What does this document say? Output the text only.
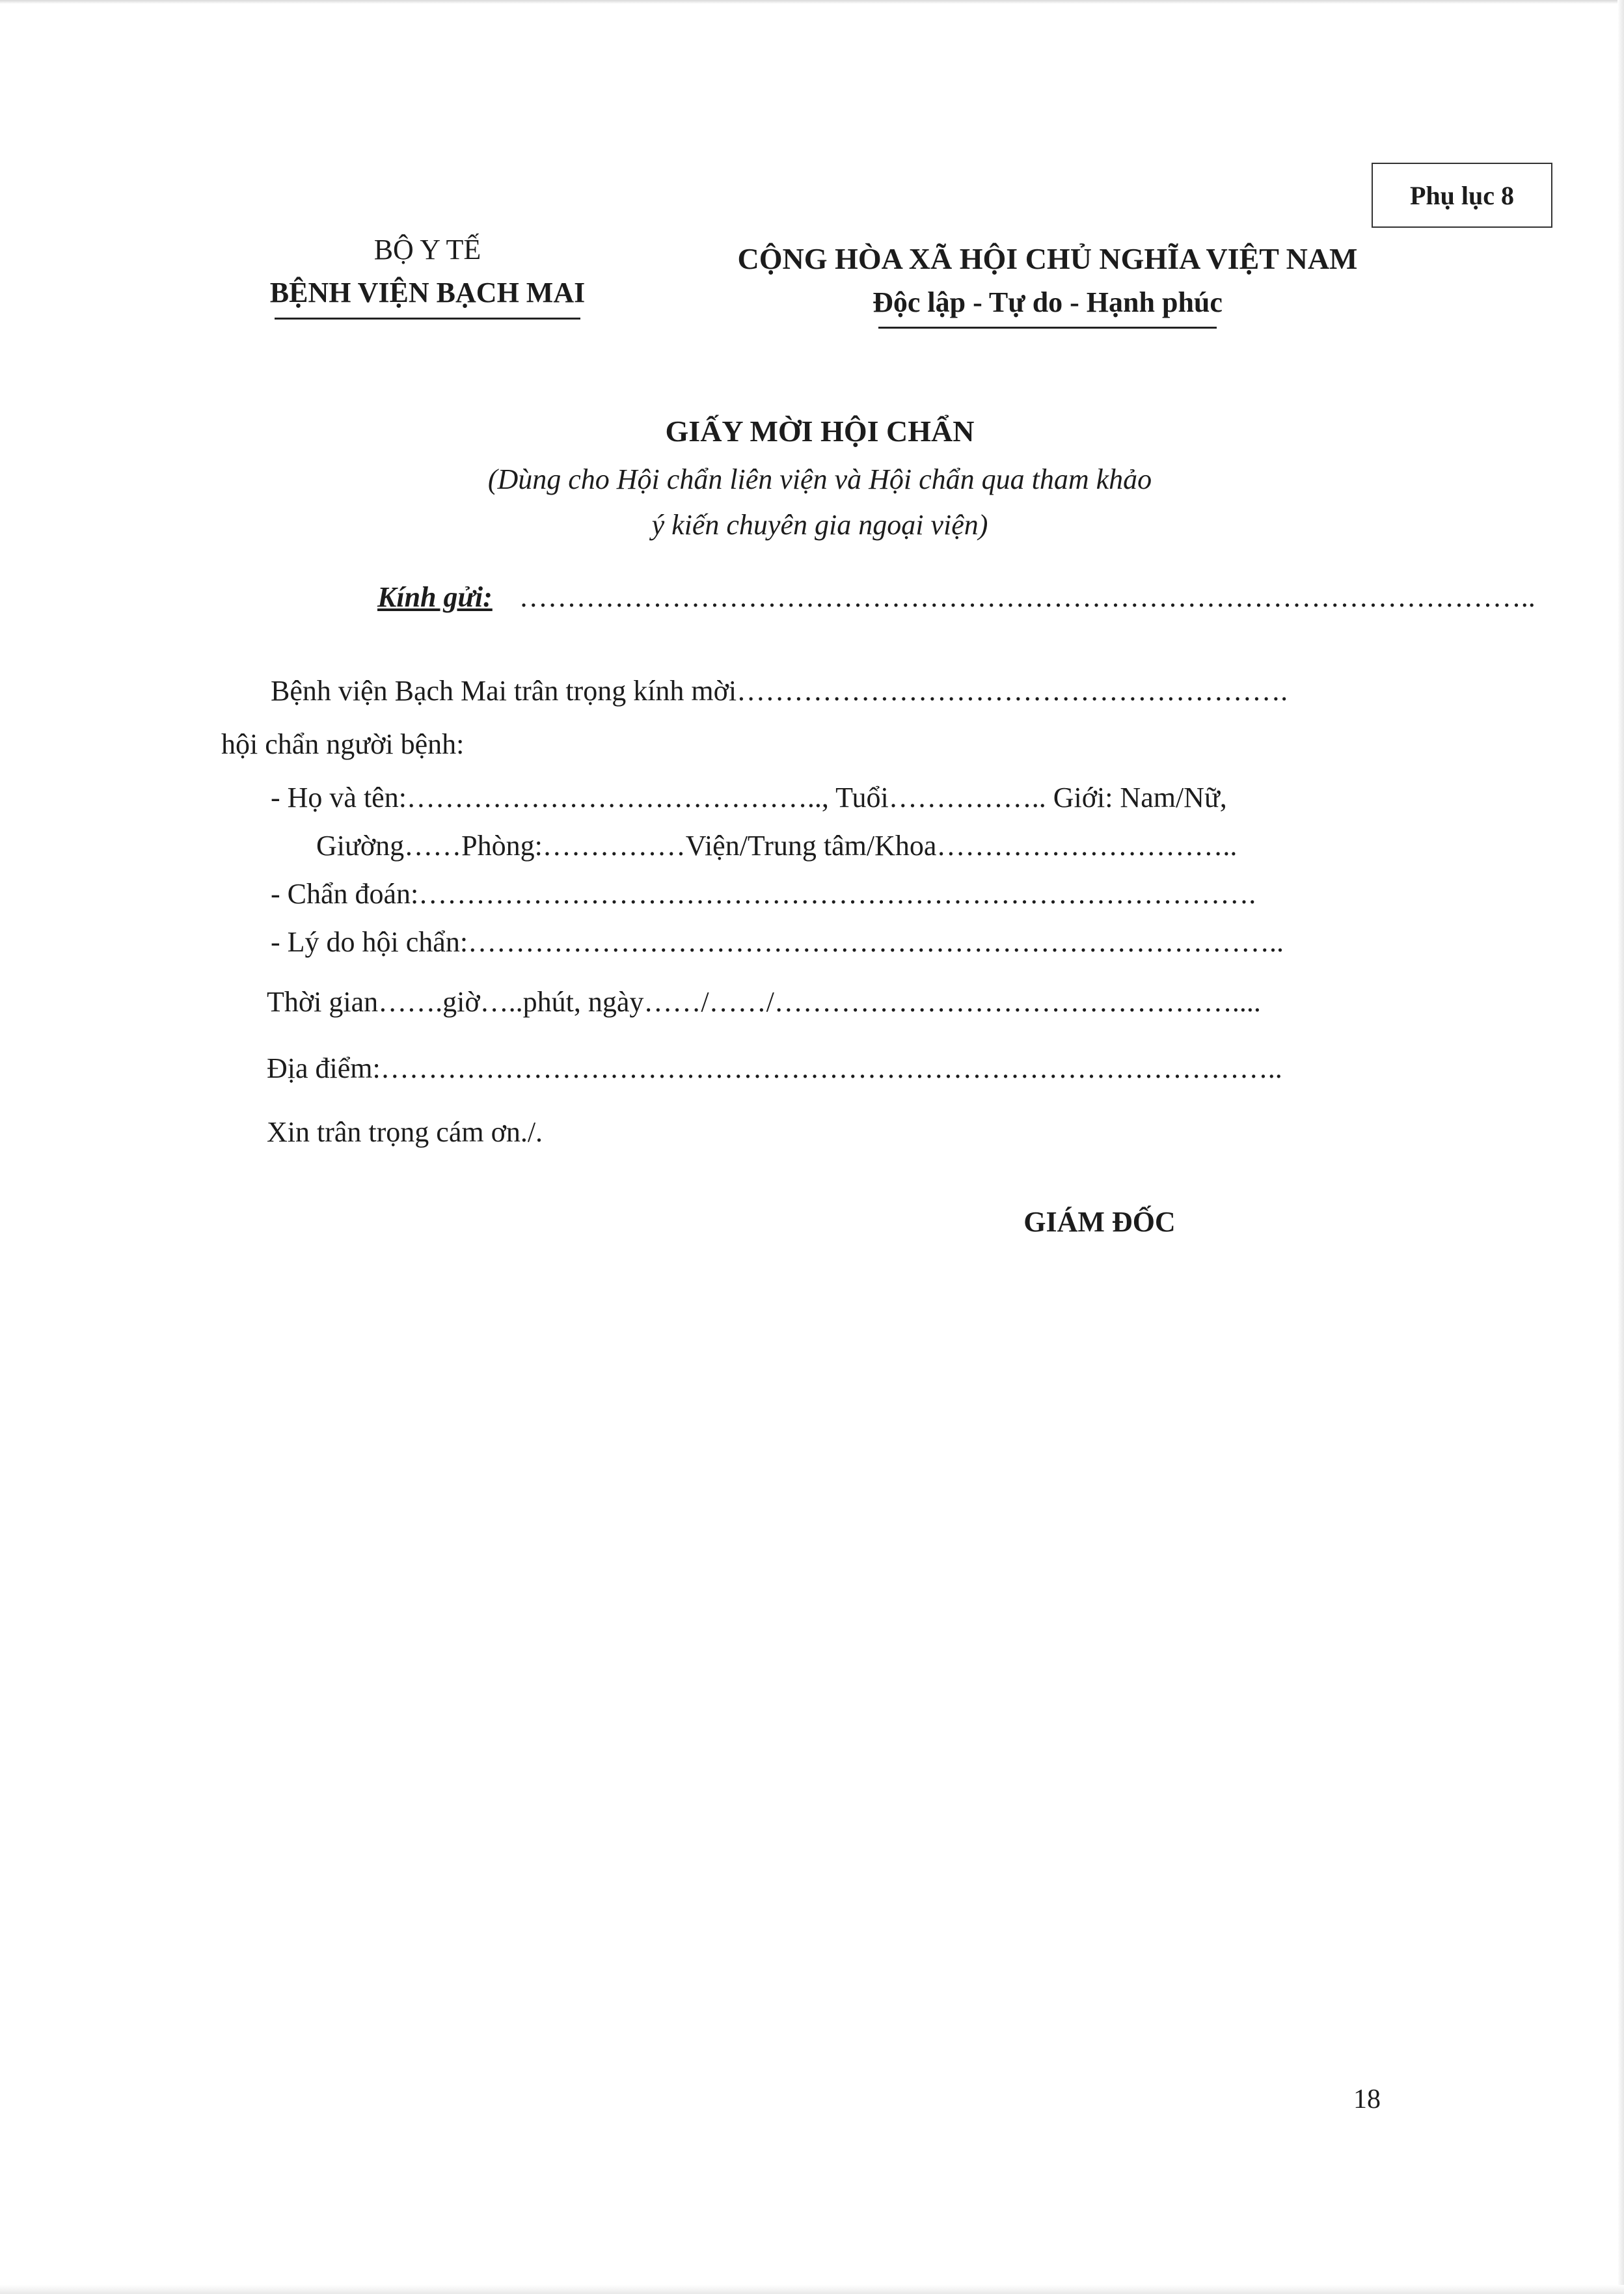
Phụ lục 8
BỘ Y TẾ
BỆNH VIỆN BẠCH MAI
CỘNG HÒA XÃ HỘI CHỦ NGHĨA VIỆT NAM
Độc lập - Tự do - Hạnh phúc
GIẤY MỜI HỘI CHẨN
(Dùng cho Hội chẩn liên viện và Hội chẩn qua tham khảo
ý kiến chuyên gia ngoại viện)
Kính gửi: ……………………………………………………………………………………………..
Bệnh viện Bạch Mai trân trọng kính mời………………………………………………….
hội chẩn người bệnh:
- Họ và tên:…………………………………….., Tuổi…………….. Giới: Nam/Nữ,
Giường……Phòng:……………Viện/Trung tâm/Khoa…………………………..
- Chẩn đoán:…………………………………………………………………………….
- Lý do hội chẩn:…………………………………………………………………………..
Thời gian…….giờ…..phút, ngày……/……/…………………………………………....
Địa điểm:…………………………………………………………………………………..
Xin trân trọng cám ơn./.
GIÁM ĐỐC
18
